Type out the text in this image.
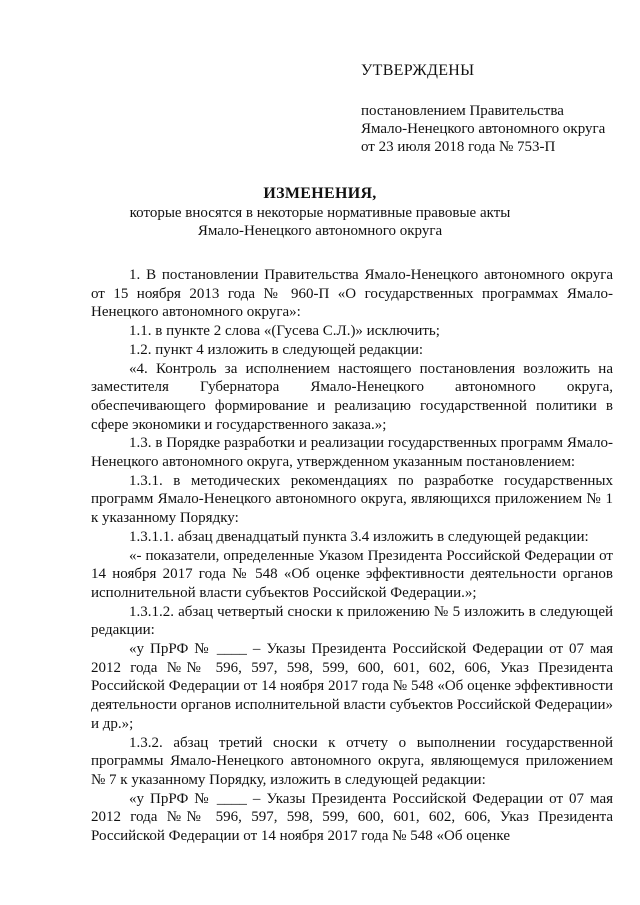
УТВЕРЖДЕНЫ
постановлением Правительства
Ямало-Ненецкого автономного округа
от 23 июля 2018 года № 753-П
ИЗМЕНЕНИЯ,
которые вносятся в некоторые нормативные правовые акты
Ямало-Ненецкого автономного округа

1. В постановлении Правительства Ямало-Ненецкого автономного округа от 15 ноября 2013 года № 960-П «О государственных программах Ямало-Ненецкого автономного округа»:

1.1. в пункте 2 слова «(Гусева С.Л.)» исключить;

1.2. пункт 4 изложить в следующей редакции:

«4. Контроль за исполнением настоящего постановления возложить на заместителя Губернатора Ямало-Ненецкого автономного округа, обеспечивающего формирование и реализацию государственной политики в сфере экономики и государственного заказа.»;

1.3. в Порядке разработки и реализации государственных программ Ямало-Ненецкого автономного округа, утвержденном указанным постановлением:

1.3.1. в методических рекомендациях по разработке государственных программ Ямало-Ненецкого автономного округа, являющихся приложением № 1 к указанному Порядку:

1.3.1.1. абзац двенадцатый пункта 3.4 изложить в следующей редакции:

«- показатели, определенные Указом Президента Российской Федерации от 14 ноября 2017 года № 548 «Об оценке эффективности деятельности органов исполнительной власти субъектов Российской Федерации.»;

1.3.1.2. абзац четвертый сноски к приложению № 5 изложить в следующей редакции:

«у ПрРФ № ____ – Указы Президента Российской Федерации от 07 мая 2012 года №№ 596, 597, 598, 599, 600, 601, 602, 606, Указ Президента Российской Федерации от 14 ноября 2017 года № 548 «Об оценке эффективности деятельности органов исполнительной власти субъектов Российской Федерации» и др.»;

1.3.2. абзац третий сноски к отчету о выполнении государственной программы Ямало-Ненецкого автономного округа, являющемуся приложением № 7 к указанному Порядку, изложить в следующей редакции:

«у ПрРФ № ____ – Указы Президента Российской Федерации от 07 мая 2012 года №№ 596, 597, 598, 599, 600, 601, 602, 606, Указ Президента Российской Федерации от 14 ноября 2017 года № 548 «Об оценке
